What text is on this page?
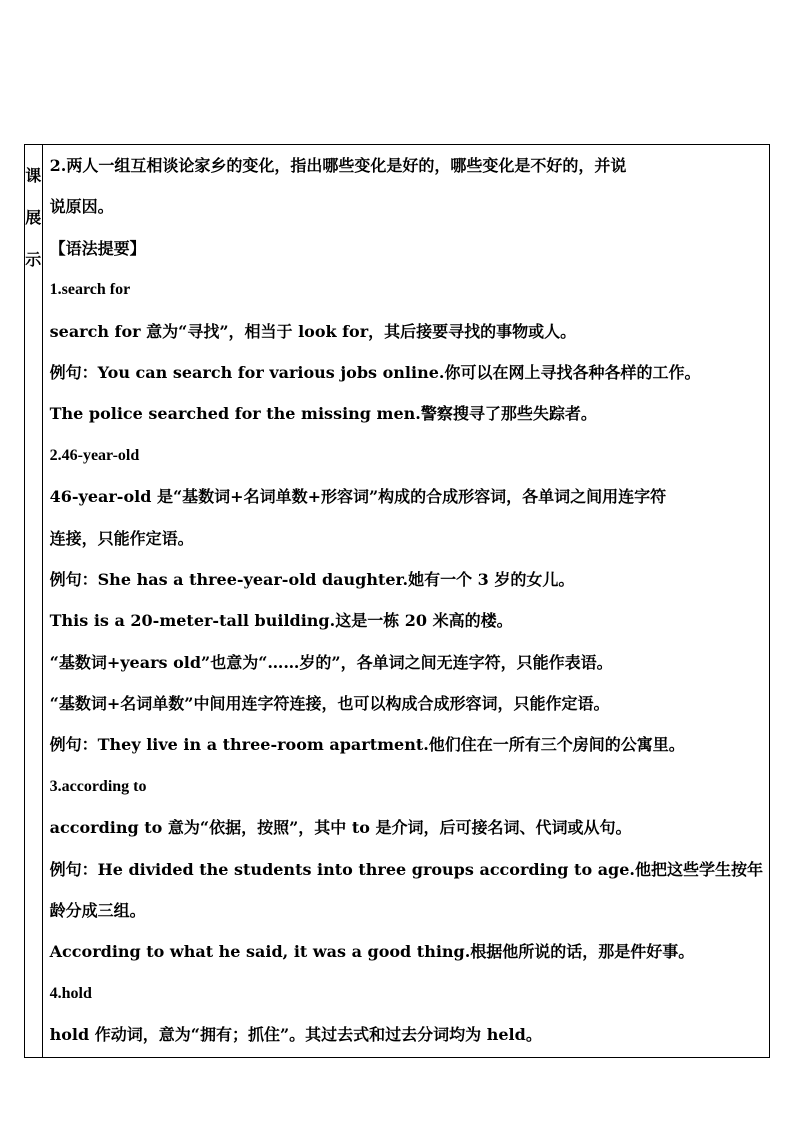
课
展
示
2.两人一组互相谈论家乡的变化，指出哪些变化是好的，哪些变化是不好的，并说
说原因。
【语法提要】
1.search for
search for 意为“寻找”，相当于 look for，其后接要寻找的事物或人。
例句：You can search for various jobs online.你可以在网上寻找各种各样的工作。
The police searched for the missing men.警察搜寻了那些失踪者。
2.46-year-old
46-year-old 是“基数词+名词单数+形容词”构成的合成形容词，各单词之间用连字符
连接，只能作定语。
例句：She has a three-year-old daughter.她有一个 3 岁的女儿。
This is a 20-meter-tall building.这是一栋 20 米高的楼。
“基数词+years old”也意为“……岁的”，各单词之间无连字符，只能作表语。
“基数词+名词单数”中间用连字符连接，也可以构成合成形容词，只能作定语。
例句：They live in a three-room apartment.他们住在一所有三个房间的公寓里。
3.according to
according to 意为“依据，按照”，其中 to 是介词，后可接名词、代词或从句。
例句：He divided the students into three groups according to age.他把这些学生按年
龄分成三组。
According to what he said, it was a good thing.根据他所说的话，那是件好事。
4.hold
hold 作动词，意为“拥有；抓住”。其过去式和过去分词均为 held。
